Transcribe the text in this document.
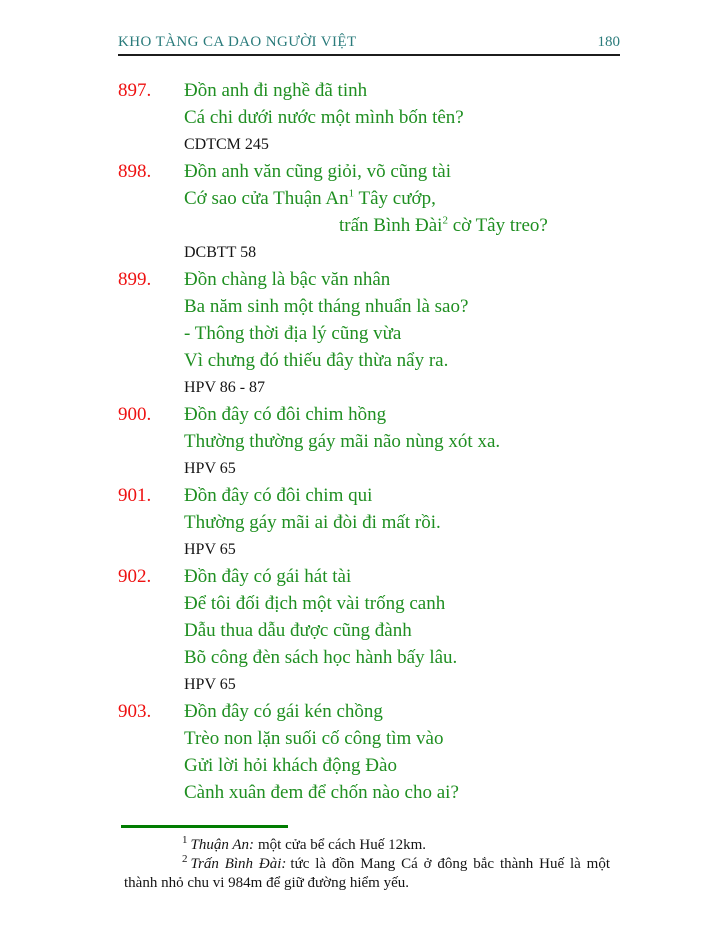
KHO TÀNG CA DAO NGƯỜI VIỆT	180
897.	Đồn anh đi nghề đã tinh
Cá chi dưới nước một mình bốn tên?
CDTCM 245
898.	Đồn anh văn cũng giỏi, võ cũng tài
Cớ sao cửa Thuận An$^1$ Tây cướp,
trấn Bình Đài$^2$ cờ Tây treo?
DCBTT 58
899.	Đồn chàng là bậc văn nhân
Ba năm sinh một tháng nhuẩn là sao?
- Thông thời địa lý cũng vừa
Vì chưng đó thiếu đây thừa nẩy ra.
HPV 86 - 87
900.	Đồn đây có đôi chim hồng
Thường thường gáy mãi não nùng xót xa.
HPV 65
901.	Đồn đây có đôi chim qui
Thường gáy mãi ai đòi đi mất rồi.
HPV 65
902.	Đồn đây có gái hát tài
Để tôi đối địch một vài trống canh
Dẫu thua dẫu được cũng đành
Bõ công đèn sách học hành bấy lâu.
HPV 65
903.	Đồn đây có gái kén chồng
Trèo non lặn suối cố công tìm vào
Gửi lời hỏi khách động Đào
Cành xuân đem để chốn nào cho ai?
$^1$ Thuận An: một cửa bể cách Huế 12km.
$^2$ Trấn Bình Đài: tức là đồn Mang Cá ở đông bắc thành Huế là một thành nhỏ chu vi 984m để giữ đường hiểm yếu.
